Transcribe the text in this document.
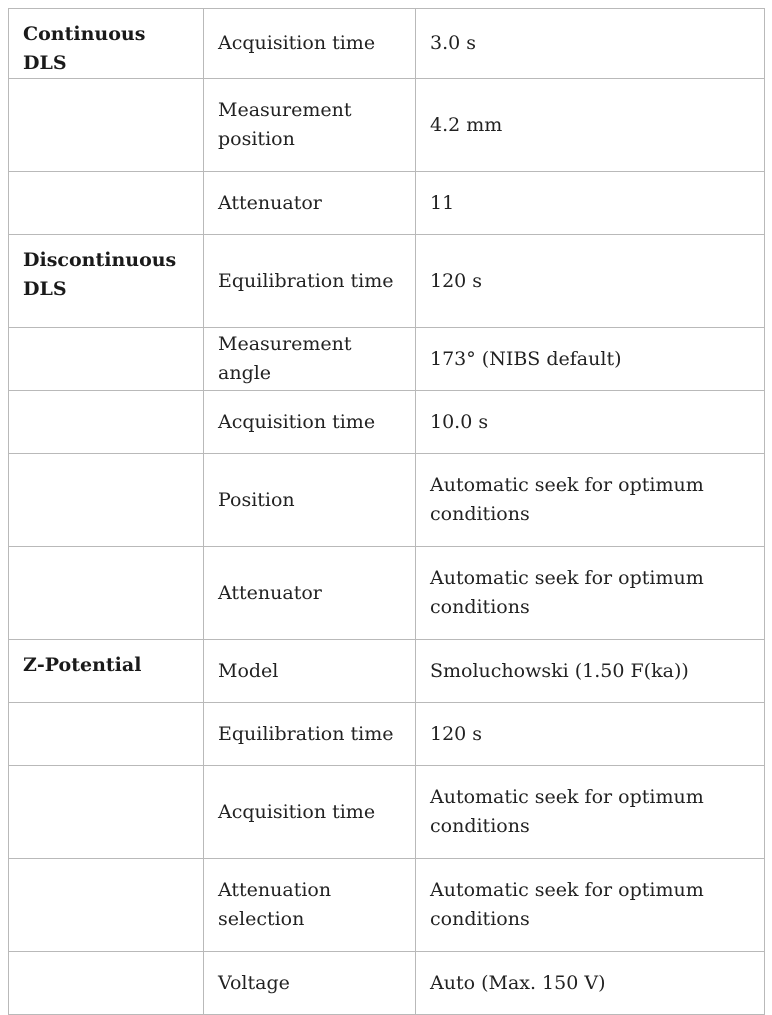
Continuous DLS	Acquisition time	3.0 s
	Measurement position	4.2 mm
	Attenuator	11
Discontinuous DLS	Equilibration time	120 s
	Measurement angle	173° (NIBS default)
	Acquisition time	10.0 s
	Position	Automatic seek for optimum conditions
	Attenuator	Automatic seek for optimum conditions
Z-Potential	Model	Smoluchowski (1.50 F(ka))
	Equilibration time	120 s
	Acquisition time	Automatic seek for optimum conditions
	Attenuation selection	Automatic seek for optimum conditions
	Voltage	Auto (Max. 150 V)
